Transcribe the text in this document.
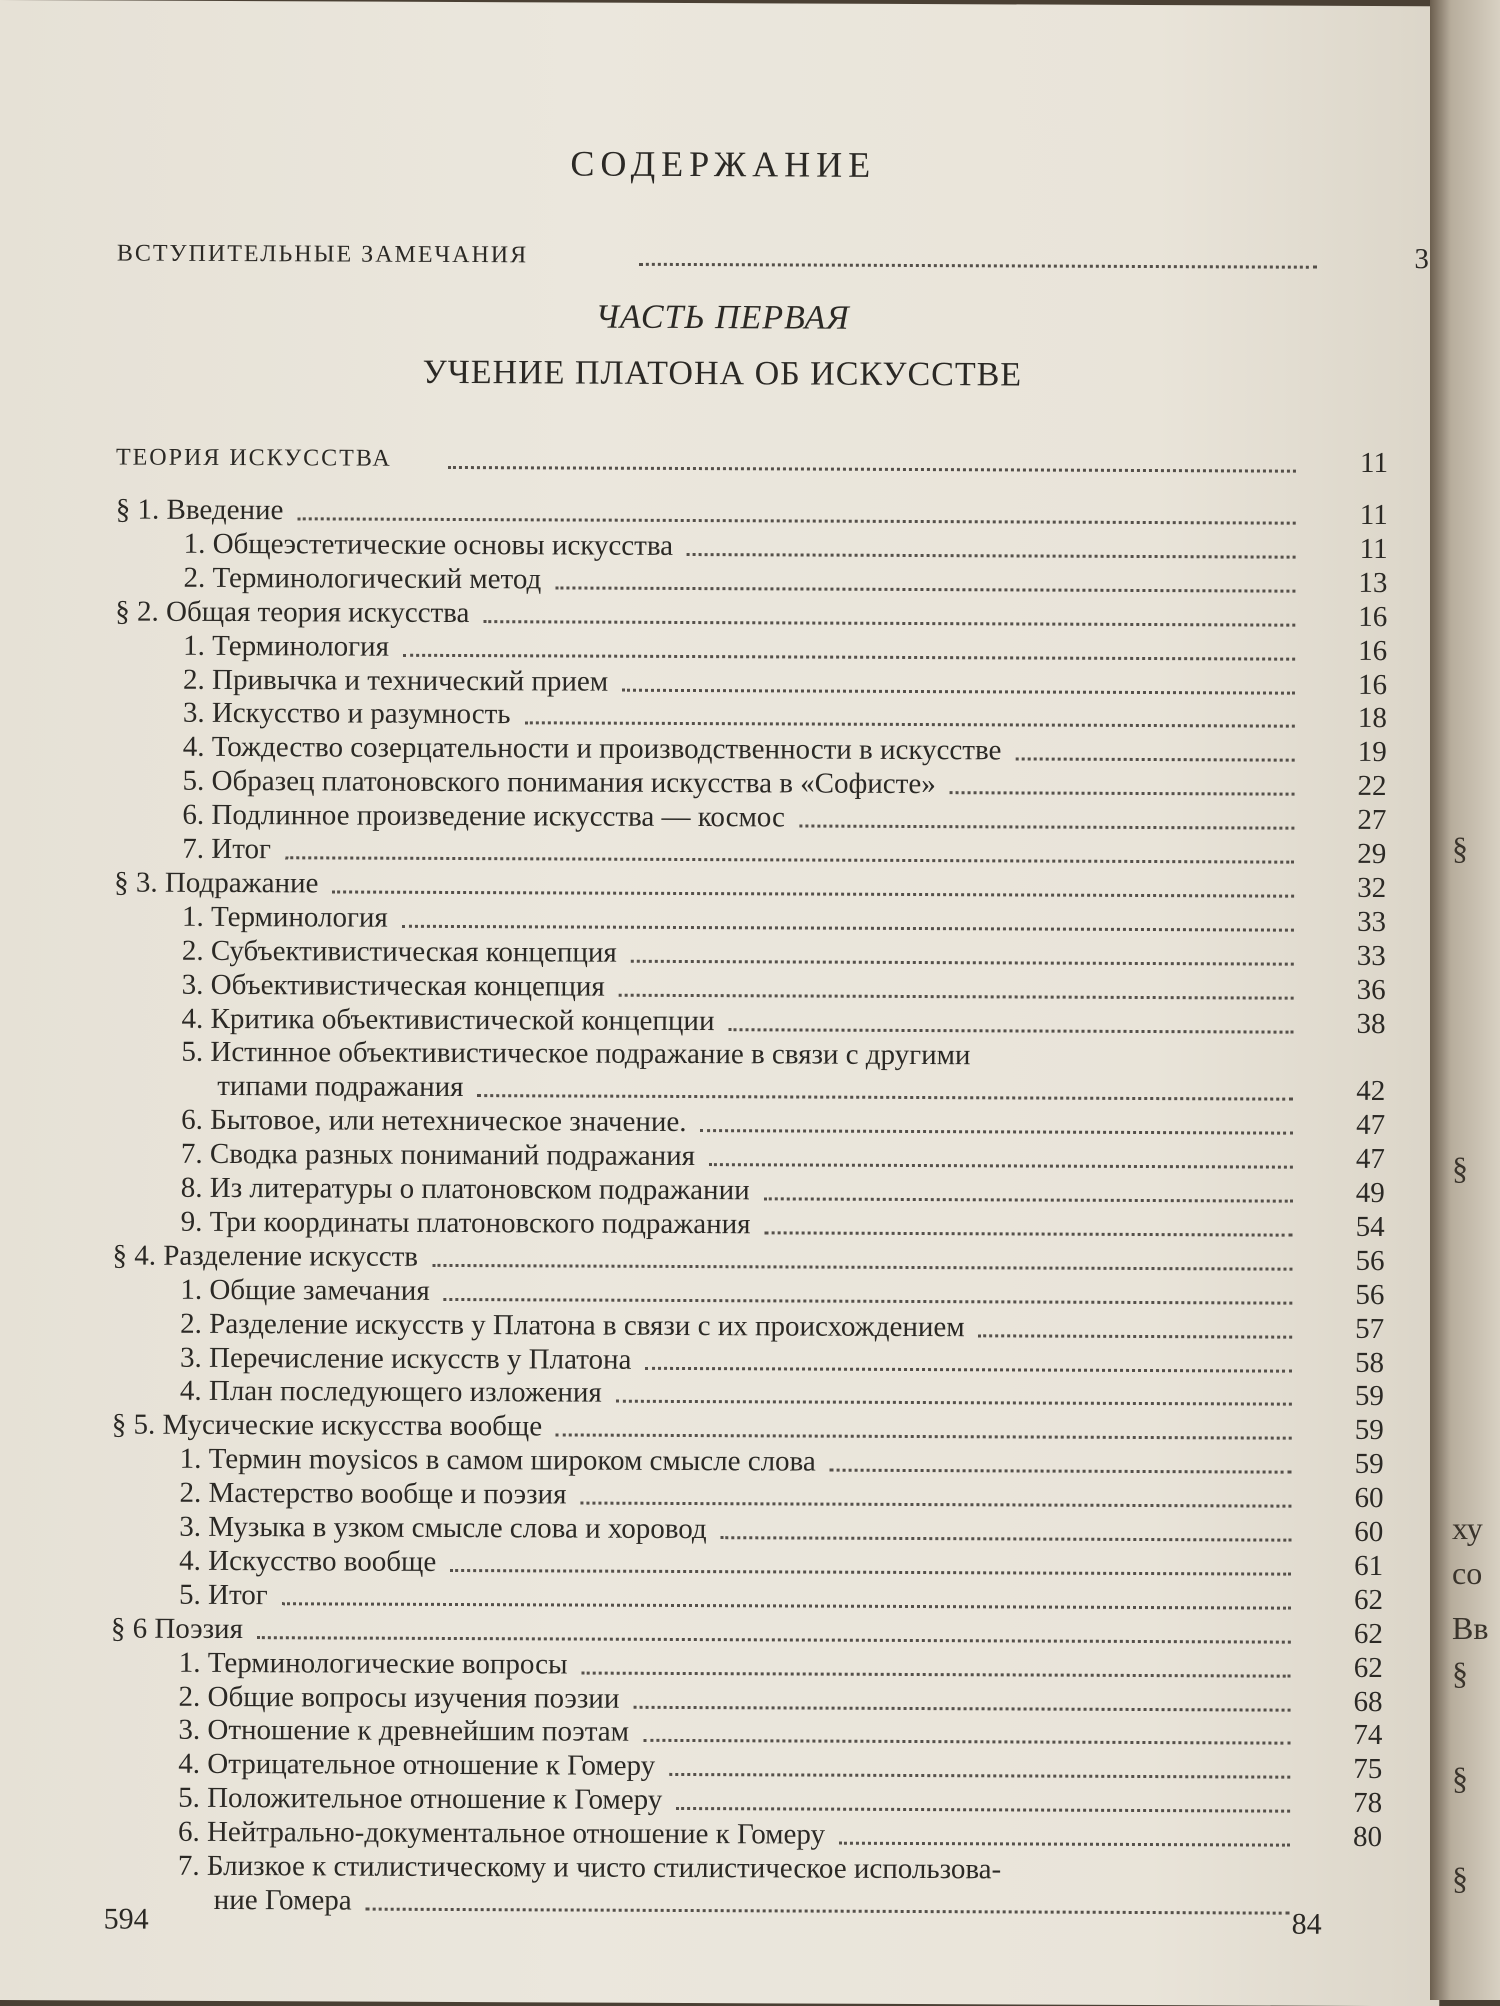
СОДЕРЖАНИЕ
ВСТУПИТЕЛЬНЫЕ ЗАМЕЧАНИЯ	3
ЧАСТЬ ПЕРВАЯ
УЧЕНИЕ ПЛАТОНА ОБ ИСКУССТВЕ
ТЕОРИЯ ИСКУССТВА	11
§ 1. Введение	11
1. Общеэстетические основы искусства	11
2. Терминологический метод	13
§ 2. Общая теория искусства	16
1. Терминология	16
2. Привычка и технический прием	16
3. Искусство и разумность	18
4. Тождество созерцательности и производственности в искусстве	19
5. Образец платоновского понимания искусства в «Софисте»	22
6. Подлинное произведение искусства — космос	27
7. Итог	29
§ 3. Подражание	32
1. Терминология	33
2. Субъективистическая концепция	33
3. Объективистическая концепция	36
4. Критика объективистической концепции	38
5. Истинное объективистическое подражание в связи с другими
типами подражания	42
6. Бытовое, или нетехническое значение.	47
7. Сводка разных пониманий подражания	47
8. Из литературы о платоновском подражании	49
9. Три координаты платоновского подражания	54
§ 4. Разделение искусств	56
1. Общие замечания	56
2. Разделение искусств у Платона в связи с их происхождением	57
3. Перечисление искусств у Платона	58
4. План последующего изложения	59
§ 5. Мусические искусства вообще	59
1. Термин moysicos в самом широком смысле слова	59
2. Мастерство вообще и поэзия	60
3. Музыка в узком смысле слова и хоровод	60
4. Искусство вообще	61
5. Итог	62
§ 6 Поэзия	62
1. Терминологические вопросы	62
2. Общие вопросы изучения поэзии	68
3. Отношение к древнейшим поэтам	74
4. Отрицательное отношение к Гомеру	75
5. Положительное отношение к Гомеру	78
6. Нейтрально-документальное отношение к Гомеру	80
7. Близкое к стилистическому и чисто стилистическое использова-
ние Гомера
594	84
§
§
ху
со
Вв
§
§
§
